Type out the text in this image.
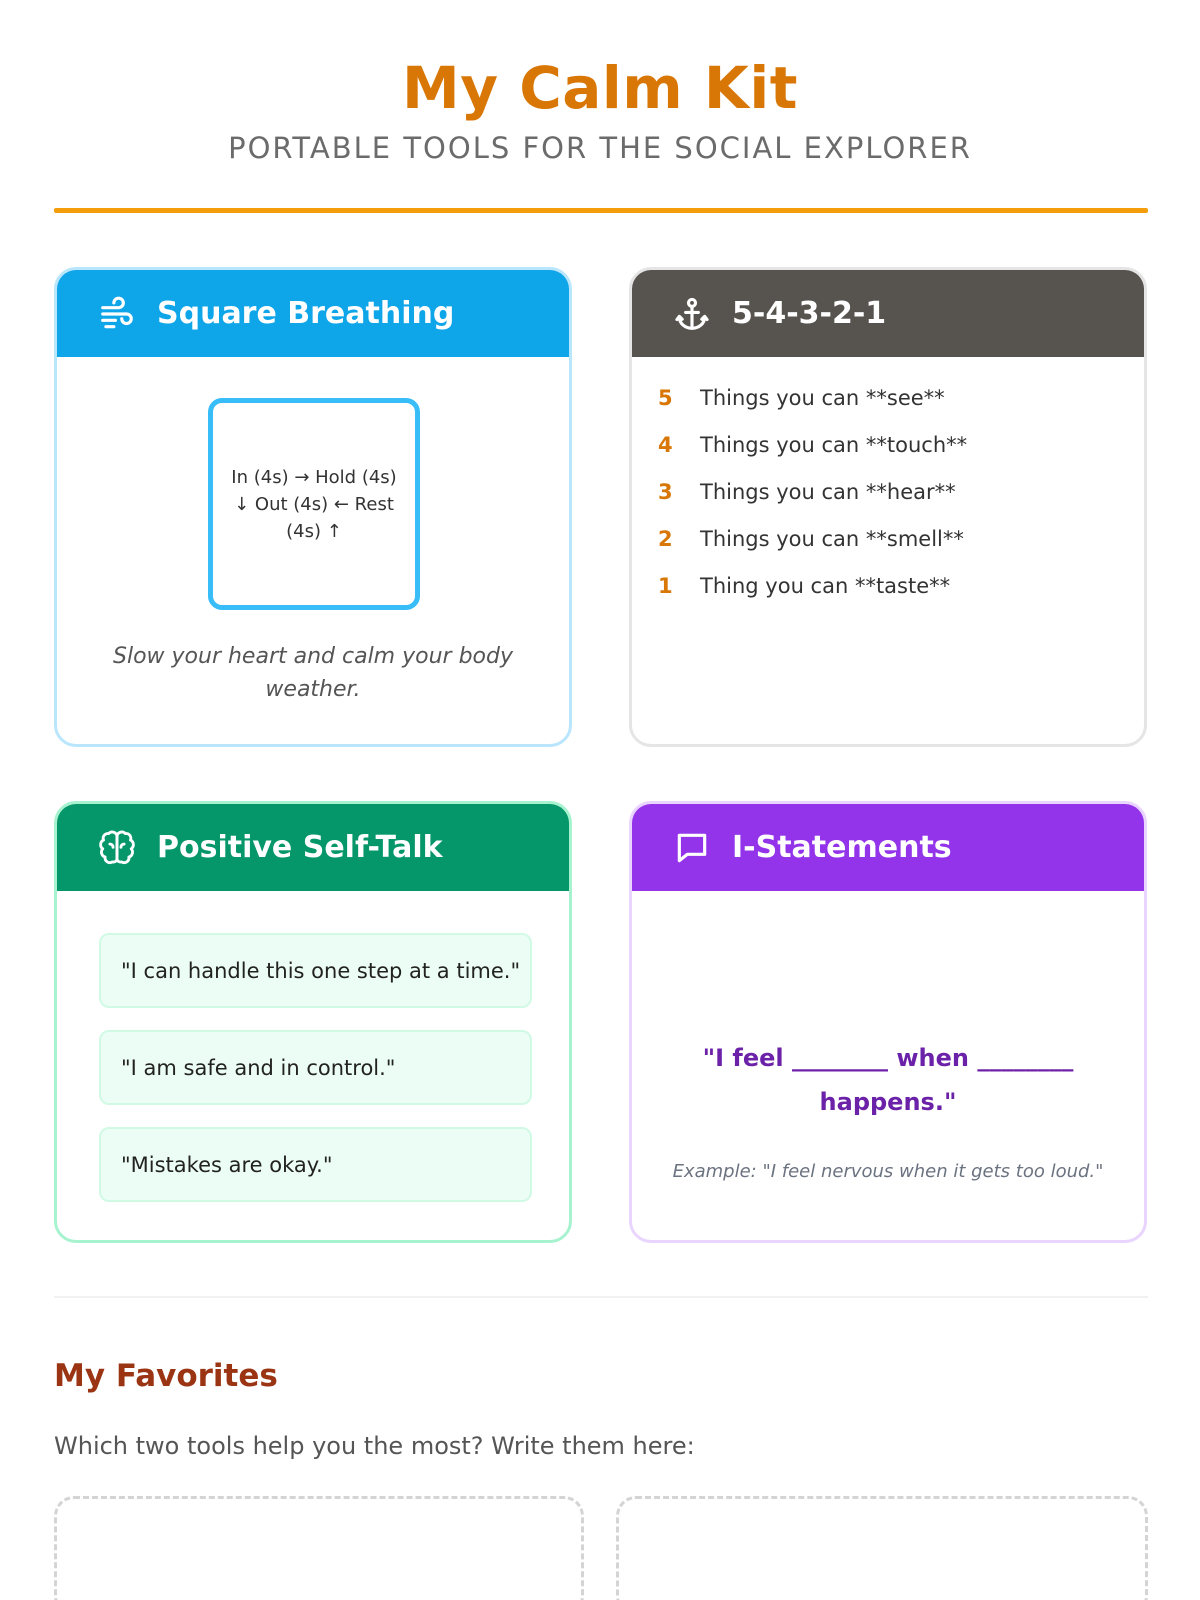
My Calm Kit
PORTABLE TOOLS FOR THE SOCIAL EXPLORER
Square Breathing
In (4s) → Hold (4s) ↓ Out (4s) ← Rest (4s) ↑
Slow your heart and calm your body weather.
5-4-3-2-1
5	Things you can **see**
4	Things you can **touch**
3	Things you can **hear**
2	Things you can **smell**
1	Thing you can **taste**
Positive Self-Talk
"I can handle this one step at a time."
"I am safe and in control."
"Mistakes are okay."
I-Statements
"I feel ________ when ________ happens."
Example: "I feel nervous when it gets too loud."
My Favorites
Which two tools help you the most? Write them here:
